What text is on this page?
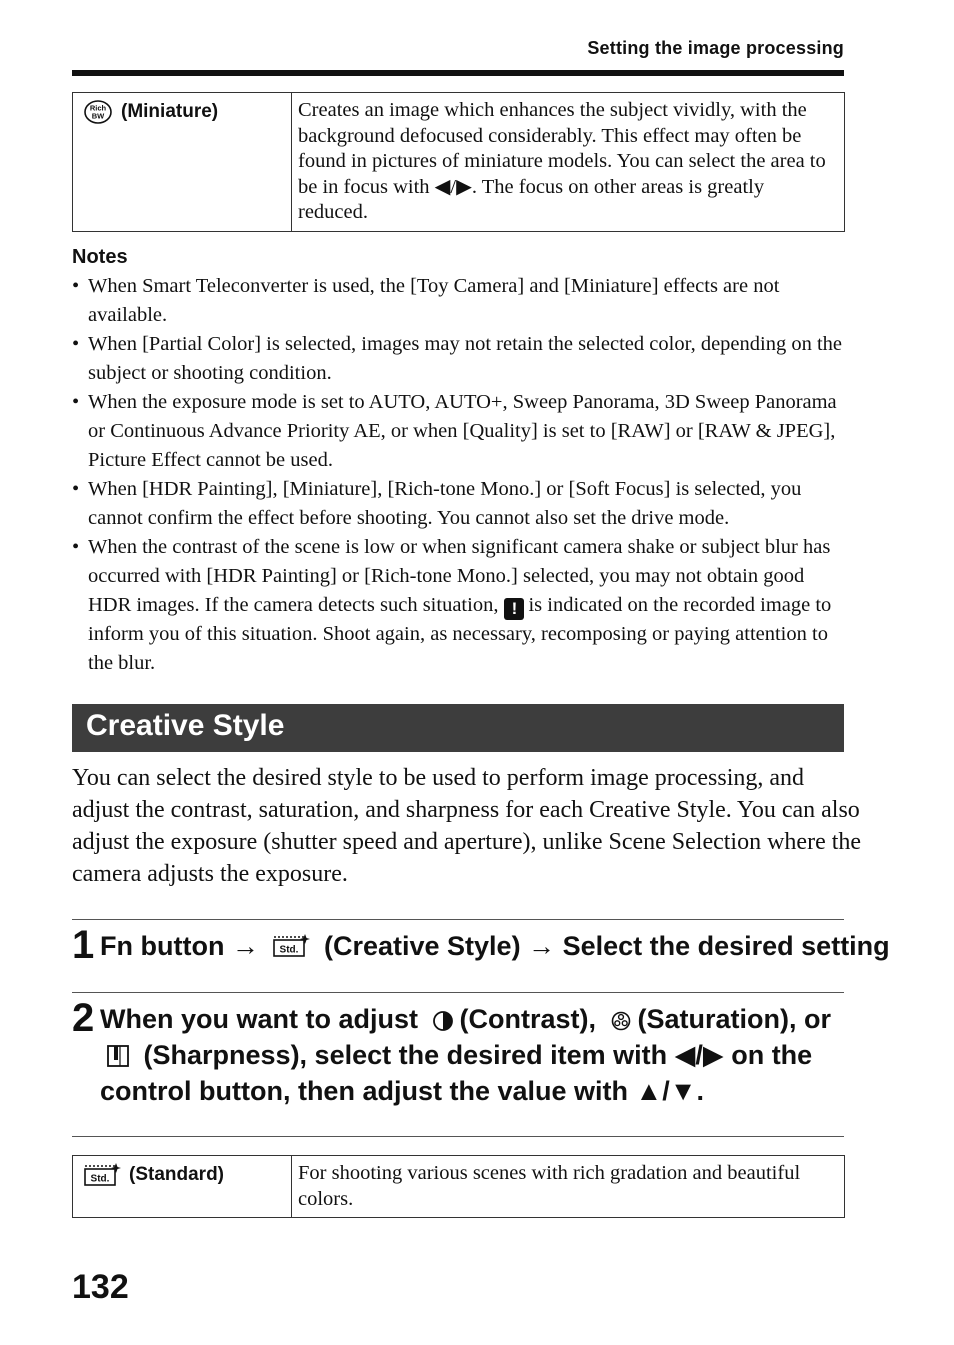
Setting the image processing
Rich
BW (Miniature)	Creates an image which enhances the subject vividly, with the background defocused considerably. This effect may often be found in pictures of miniature models. You can select the area to be in focus with ◀/▶. The focus on other areas is greatly reduced.
Notes
• When Smart Teleconverter is used, the [Toy Camera] and [Miniature] effects are not available.
• When [Partial Color] is selected, images may not retain the selected color, depending on the subject or shooting condition.
• When the exposure mode is set to AUTO, AUTO+, Sweep Panorama, 3D Sweep Panorama or Continuous Advance Priority AE, or when [Quality] is set to [RAW] or [RAW & JPEG], Picture Effect cannot be used.
• When [HDR Painting], [Miniature], [Rich-tone Mono.] or [Soft Focus] is selected, you cannot confirm the effect before shooting. You cannot also set the drive mode.
• When the contrast of the scene is low or when significant camera shake or subject blur has occurred with [HDR Painting] or [Rich-tone Mono.] selected, you may not obtain good HDR images. If the camera detects such situation, ! is indicated on the recorded image to inform you of this situation. Shoot again, as necessary, recomposing or paying attention to the blur.
Creative Style
You can select the desired style to be used to perform image processing, and adjust the contrast, saturation, and sharpness for each Creative Style. You can also adjust the exposure (shutter speed and aperture), unlike Scene Selection where the camera adjusts the exposure.
1 Fn button → Std. (Creative Style) → Select the desired setting
2 When you want to adjust (Contrast), (Saturation), or  (Sharpness), select the desired item with ◀/▶ on the control button, then adjust the value with ▲/▼.
Std. (Standard)	For shooting various scenes with rich gradation and beautiful colors.
132
